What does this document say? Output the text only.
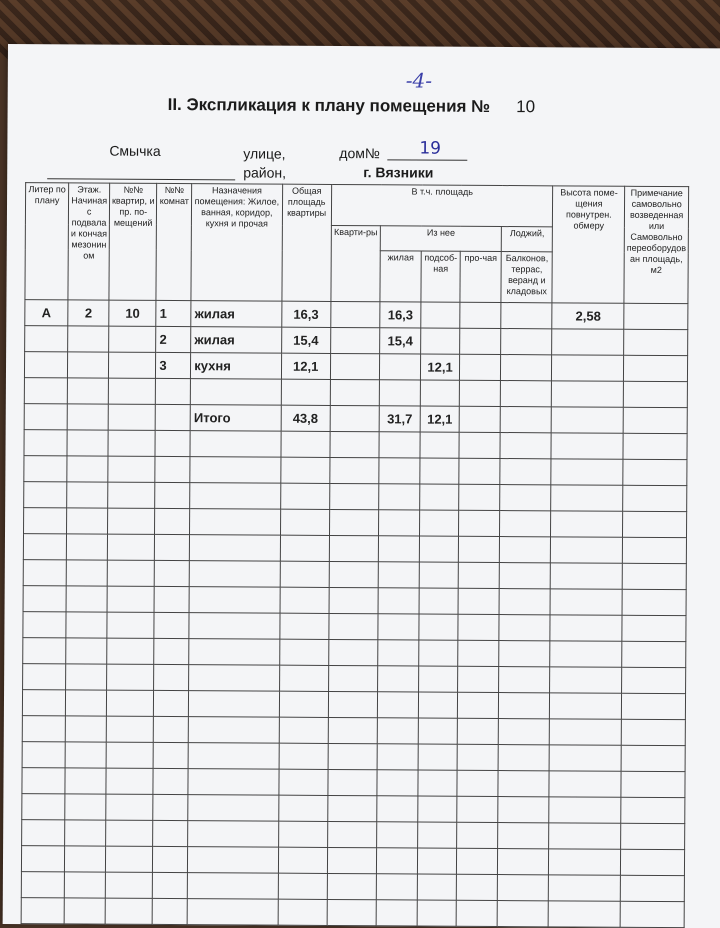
-4-
II. Экспликация к плану помещения № 10
Смычка	улице,	дом№ 19
район,	г. Вязники
Литер по плану	Этаж. Начиная с подвала и кончая мезонин ом	№№ квартир, и пр. по- мещений	№№ комнат	Назначения помещения: Жилое, ванная, коридор, кухня и прочая	Общая площадь квартиры	В т.ч. площадь					Высота поме-щения повнутрен. обмеру	Примечание самовольно возведенная или Самовольно переоборудов ан площадь, м2
						Кварти-ры	Из нее			Лоджий,		
							жилая	подсоб-ная	про-чая	Балконов, террас, веранд и кладовых		
А	2	10	1	жилая	16,3		16,3				2,58	
			2	жилая	15,4		15,4					
			3	кухня	12,1			12,1				

				Итого	43,8		31,7	12,1				
